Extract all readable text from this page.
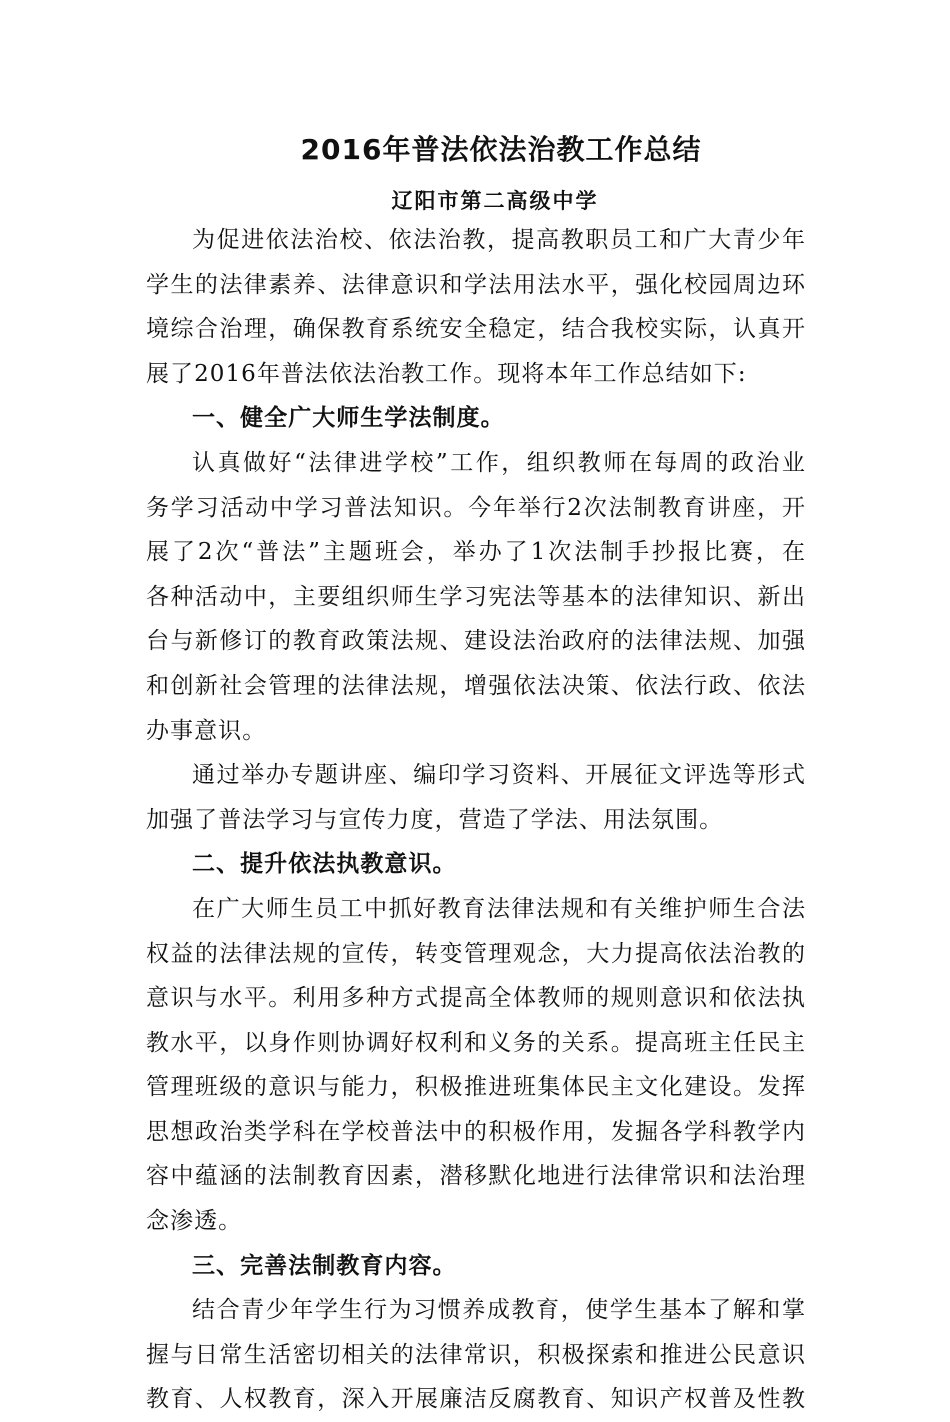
2016年普法依法治教工作总结
辽阳市第二高级中学
为促进依法治校、依法治教，提高教职员工和广大青少年
学生的法律素养、法律意识和学法用法水平，强化校园周边环
境综合治理，确保教育系统安全稳定，结合我校实际，认真开
展了2016年普法依法治教工作。现将本年工作总结如下:
一、健全广大师生学法制度。
认真做好“法律进学校”工作，组织教师在每周的政治业
务学习活动中学习普法知识。今年举行2次法制教育讲座，开
展了2次“普法”主题班会，举办了1次法制手抄报比赛，在
各种活动中，主要组织师生学习宪法等基本的法律知识、新出
台与新修订的教育政策法规、建设法治政府的法律法规、加强
和创新社会管理的法律法规，增强依法决策、依法行政、依法
办事意识。
通过举办专题讲座、编印学习资料、开展征文评选等形式
加强了普法学习与宣传力度，营造了学法、用法氛围。
二、提升依法执教意识。
在广大师生员工中抓好教育法律法规和有关维护师生合法
权益的法律法规的宣传，转变管理观念，大力提高依法治教的
意识与水平。利用多种方式提高全体教师的规则意识和依法执
教水平，以身作则协调好权利和义务的关系。提高班主任民主
管理班级的意识与能力，积极推进班集体民主文化建设。发挥
思想政治类学科在学校普法中的积极作用，发掘各学科教学内
容中蕴涵的法制教育因素，潜移默化地进行法律常识和法治理
念渗透。
三、完善法制教育内容。
结合青少年学生行为习惯养成教育，使学生基本了解和掌
握与日常生活密切相关的法律常识，积极探索和推进公民意识
教育、人权教育，深入开展廉洁反腐教育、知识产权普及性教
